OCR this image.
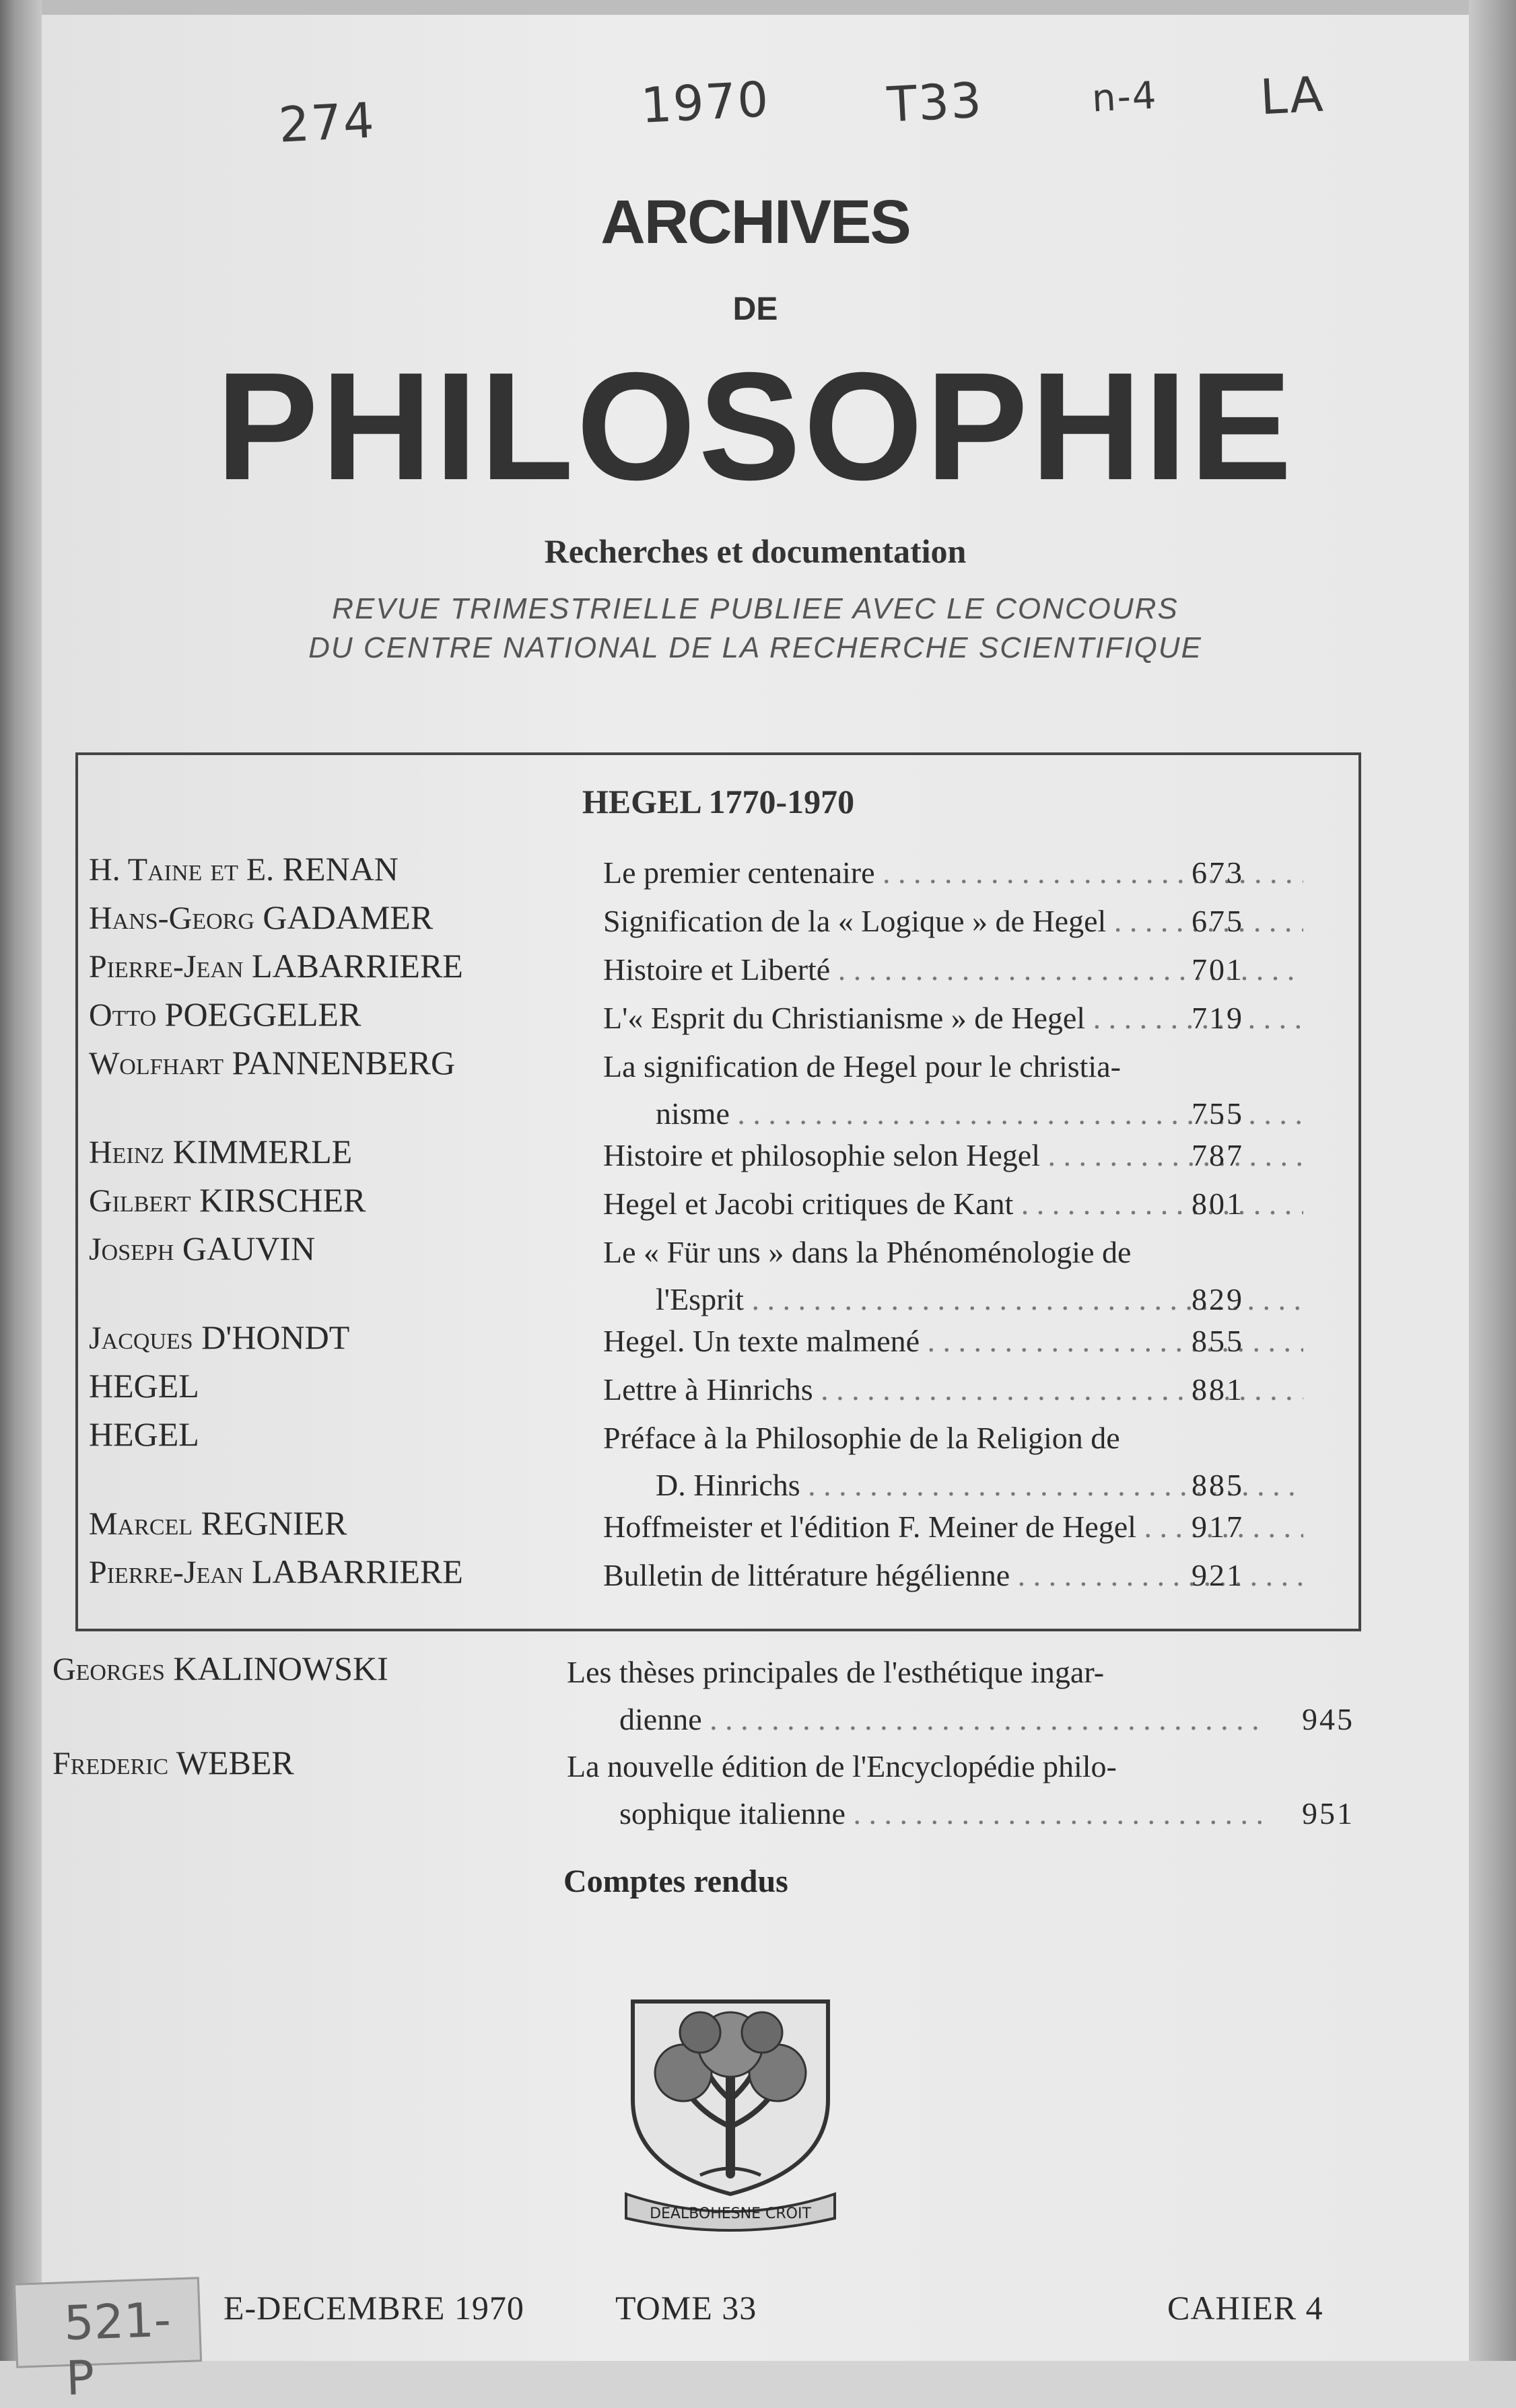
274	1970 T33	n-4 LA
ARCHIVES
DE
PHILOSOPHIE
Recherches et documentation
REVUE TRIMESTRIELLE PUBLIEE AVEC LE CONCOURS
DU CENTRE NATIONAL DE LA RECHERCHE SCIENTIFIQUE
HEGEL 1770-1970
H. Taine et E. RENAN	Le premier centenaire . . .	673
Hans-Georg GADAMER	Signification de la « Logique » de Hegel . . .	675
Pierre-Jean LABARRIERE	Histoire et Liberté . . .	701
Otto POEGGELER	L'« Esprit du Christianisme » de Hegel . . .	719
Wolfhart PANNENBERG	La signification de Hegel pour le christia-
nisme . . .	755
Heinz KIMMERLE	Histoire et philosophie selon Hegel . . .	787
Gilbert KIRSCHER	Hegel et Jacobi critiques de Kant . . .	801
Joseph GAUVIN	Le « Für uns » dans la Phénoménologie de
l'Esprit . . .	829
Jacques D'HONDT	Hegel. Un texte malmené . . .	855
HEGEL	Lettre à Hinrichs . . .	881
HEGEL	Préface à la Philosophie de la Religion de
D. Hinrichs . . .	885
Marcel REGNIER	Hoffmeister et l'édition F. Meiner de Hegel . . .	917
Pierre-Jean LABARRIERE	Bulletin de littérature hégélienne . . .	921
Georges KALINOWSKI	Les thèses principales de l'esthétique ingar-
dienne . . .	945
Frederic WEBER	La nouvelle édition de l'Encyclopédie philo-
sophique italienne . . .	951
Comptes rendus
DEALBOHESNE CROIT
521-P
E-DECEMBRE 1970	TOME 33	CAHIER 4
